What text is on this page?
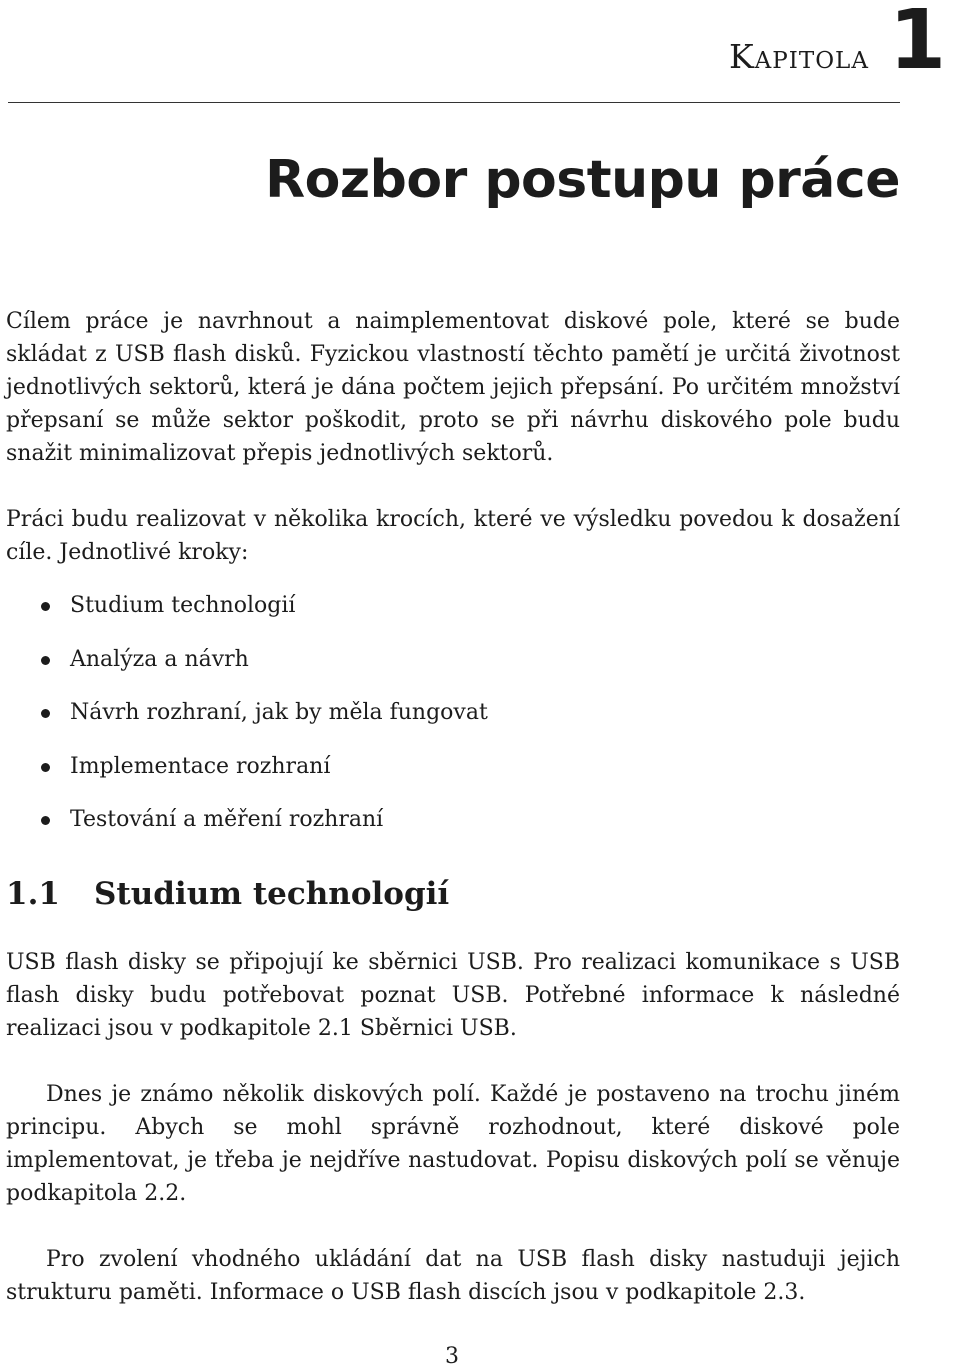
Kapitola 1
Rozbor postupu práce

Cílem práce je navrhnout a naimplementovat diskové pole, které se bude skládat z USB flash disků. Fyzickou vlastností těchto pamětí je určitá životnost jednotlivých sektorů, která je dána počtem jejich přepsání. Po určitém množství přepsaní se může sektor poškodit, proto se při návrhu diskového pole budu snažit minimalizovat přepis jednotlivých sektorů.

Práci budu realizovat v několika krocích, které ve výsledku povedou k dosažení cíle. Jednotlivé kroky:

Studium technologií
Analýza a návrh
Návrh rozhraní, jak by měla fungovat
Implementace rozhraní
Testování a měření rozhraní
1.1	Studium technologií

USB flash disky se připojují ke sběrnici USB. Pro realizaci komunikace s USB flash disky budu potřebovat poznat USB. Potřebné informace k následné realizaci jsou v podkapitole 2.1 Sběrnici USB.

Dnes je známo několik diskových polí. Každé je postaveno na trochu jiném principu. Abych se mohl správně rozhodnout, které diskové pole implementovat, je třeba je nejdříve nastudovat. Popisu diskových polí se věnuje podkapitola 2.2.

Pro zvolení vhodného ukládání dat na USB flash disky nastuduji jejich strukturu paměti. Informace o USB flash discích jsou v podkapitole 2.3.

3
